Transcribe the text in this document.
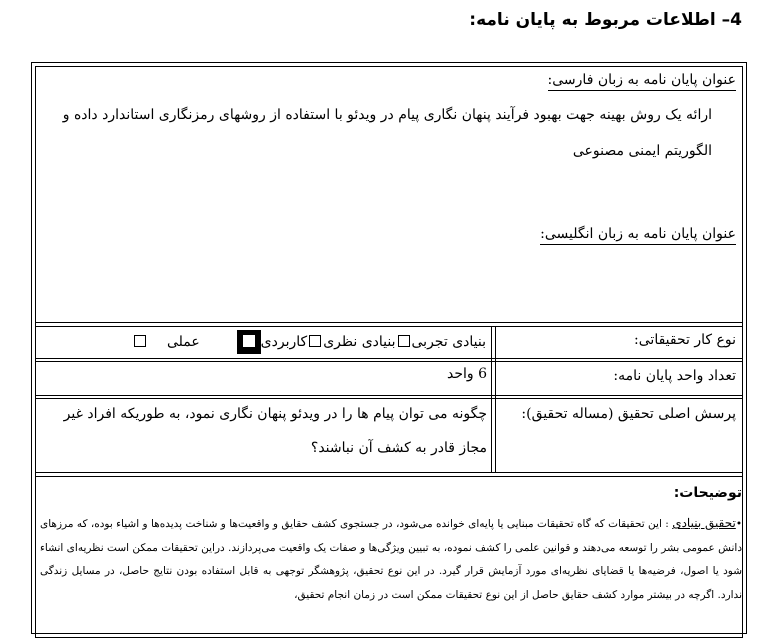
4– اطلاعات مربوط به پایان نامه:
عنوان پایان نامه به زبان فارسی:
ارائه یک روش بهینه جهت بهبود فرآیند پنهان نگاری پیام در ویدئو با استفاده از روشهای رمزنگاری استاندارد داده و الگوریتم ایمنی مصنوعی
عنوان پایان نامه به زبان انگلیسی:
نوع کار تحقیقاتی:
بنیادی تجربیبنیادی نظریکاربردی  عملی
تعداد واحد پایان نامه:
6 واحد
پرسش اصلی تحقیق (مساله تحقیق):
چگونه می توان پیام ها را در ویدئو پنهان نگاری نمود، به طوریکه افراد غیر مجاز قادر به کشف آن نباشند؟
توضیحات:
•تحقیق بنیادی : این تحقیقات که گاه تحقیقات مبنایی یا پایه‌ای خوانده می‌شود، در جستجوی کشف حقایق و واقعیت‌ها و شناخت پدیده‌ها و اشیاء بوده، که مرزهای دانش عمومی بشر را توسعه می‌دهند و قوانین علمی را کشف نموده، به تبیین ویژگی‌ها و صفات یک واقعیت می‌پردازند. دراین تحقیقات ممکن است نظریه‌ای انشاء شود یا اصول، فرضیه‌ها یا قضایای نظریه‌ای مورد آزمایش قرار گیرد. در این نوع تحقیق، پژوهشگر توجهی به قابل استفاده بودن نتایج حاصل، در مسایل زندگی ندارد. اگرچه در بیشتر موارد کشف حقایق حاصل از این نوع تحقیقات ممکن است در زمان انجام تحقیق،
